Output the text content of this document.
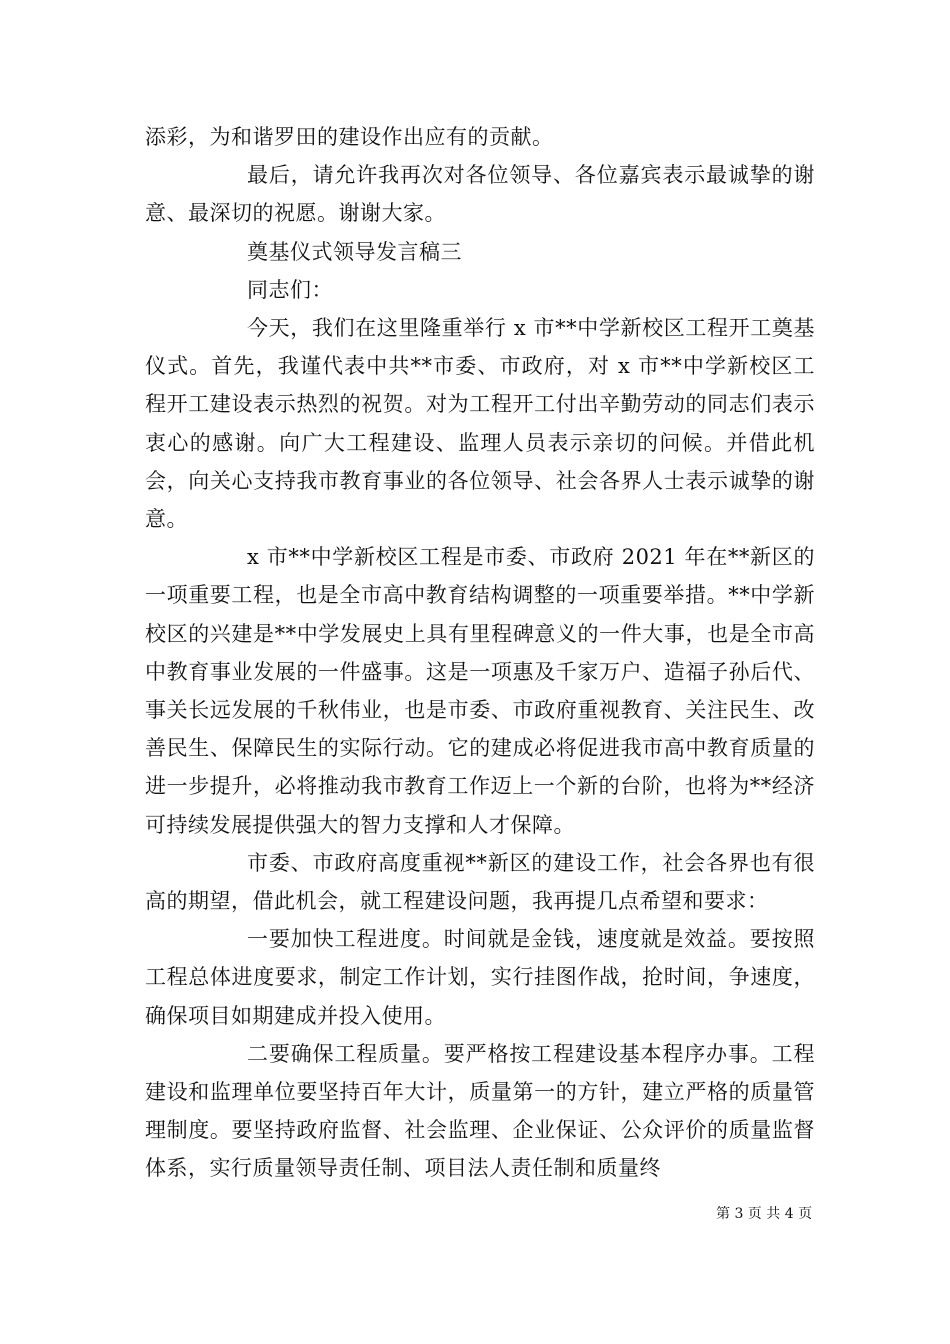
添彩，为和谐罗田的建设作出应有的贡献。

最后，请允许我再次对各位领导、各位嘉宾表示最诚挚的谢意、最深切的祝愿。谢谢大家。

奠基仪式领导发言稿三

同志们：

今天，我们在这里隆重举行 x 市**中学新校区工程开工奠基仪式。首先，我谨代表中共**市委、市政府，对 x 市**中学新校区工程开工建设表示热烈的祝贺。对为工程开工付出辛勤劳动的同志们表示衷心的感谢。向广大工程建设、监理人员表示亲切的问候。并借此机会，向关心支持我市教育事业的各位领导、社会各界人士表示诚挚的谢意。

x 市**中学新校区工程是市委、市政府 2021 年在**新区的一项重要工程，也是全市高中教育结构调整的一项重要举措。**中学新校区的兴建是**中学发展史上具有里程碑意义的一件大事，也是全市高中教育事业发展的一件盛事。这是一项惠及千家万户、造福子孙后代、事关长远发展的千秋伟业，也是市委、市政府重视教育、关注民生、改善民生、保障民生的实际行动。它的建成必将促进我市高中教育质量的进一步提升，必将推动我市教育工作迈上一个新的台阶，也将为**经济可持续发展提供强大的智力支撑和人才保障。

市委、市政府高度重视**新区的建设工作，社会各界也有很高的期望，借此机会，就工程建设问题，我再提几点希望和要求：

一要加快工程进度。时间就是金钱，速度就是效益。要按照工程总体进度要求，制定工作计划，实行挂图作战，抢时间，争速度，确保项目如期建成并投入使用。

二要确保工程质量。要严格按工程建设基本程序办事。工程建设和监理单位要坚持百年大计，质量第一的方针，建立严格的质量管理制度。要坚持政府监督、社会监理、企业保证、公众评价的质量监督体系，实行质量领导责任制、项目法人责任制和质量终

第 3 页 共 4 页
